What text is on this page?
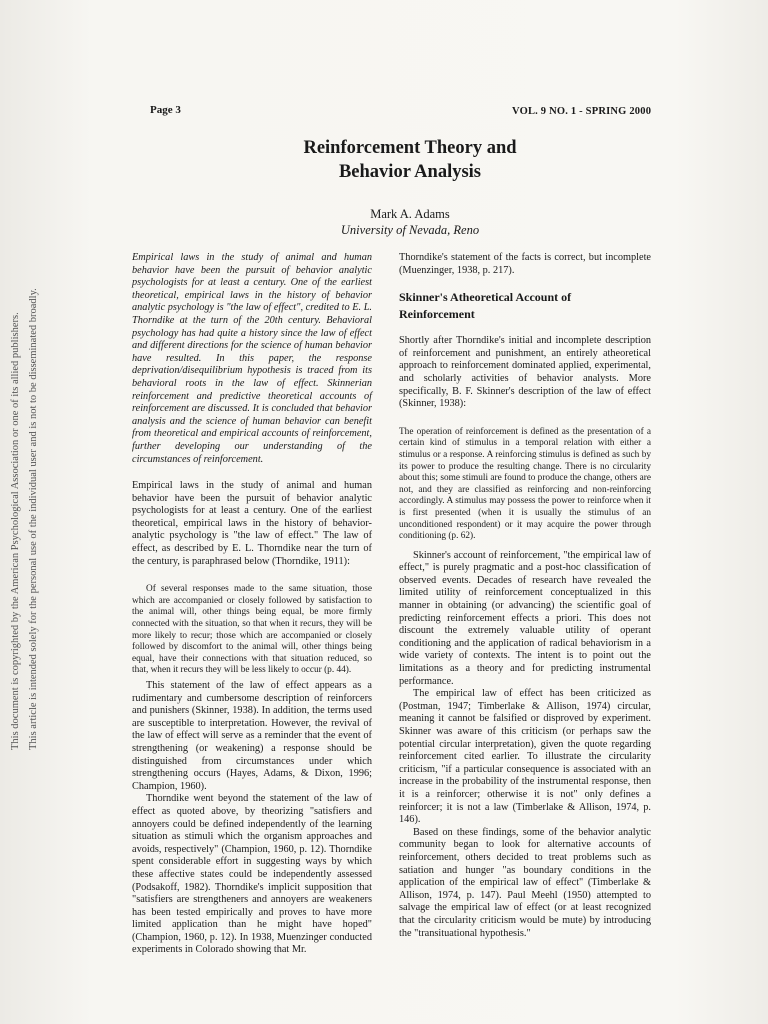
This document is copyrighted by the American Psychological Association or one of its allied publishers. This article is intended solely for the personal use of the individual user and is not to be disseminated broadly.
Page 3	VOL. 9 NO. 1 - SPRING 2000
Reinforcement Theory and
Behavior Analysis
Mark A. Adams
University of Nevada, Reno

Empirical laws in the study of animal and human behavior have been the pursuit of behavior analytic psychologists for at least a century. One of the earliest theoretical, empirical laws in the history of behavior analytic psychology is "the law of effect", credited to E. L. Thorndike at the turn of the 20th century. Behavioral psychology has had quite a history since the law of effect and different directions for the science of human behavior have resulted. In this paper, the response deprivation/disequilibrium hypothesis is traced from its behavioral roots in the law of effect. Skinnerian reinforcement and predictive theoretical accounts of reinforcement are discussed. It is concluded that behavior analysis and the science of human behavior can benefit from theoretical and empirical accounts of reinforcement, further developing our understanding of the circumstances of reinforcement.

Empirical laws in the study of animal and human behavior have been the pursuit of behavior analytic psychologists for at least a century. One of the earliest theoretical, empirical laws in the history of behavior-analytic psychology is "the law of effect." The law of effect, as described by E. L. Thorndike near the turn of the century, is paraphrased below (Thorndike, 1911):

Of several responses made to the same situation, those which are accompanied or closely followed by satisfaction to the animal will, other things being equal, be more firmly connected with the situation, so that when it recurs, they will be more likely to recur; those which are accompanied or closely followed by discomfort to the animal will, other things being equal, have their connections with that situation reduced, so that, when it recurs they will be less likely to occur (p. 44).

This statement of the law of effect appears as a rudimentary and cumbersome description of reinforcers and punishers (Skinner, 1938). In addition, the terms used are susceptible to interpretation. However, the revival of the law of effect will serve as a reminder that the event of strengthening (or weakening) a response should be distinguished from circumstances under which strengthening occurs (Hayes, Adams, & Dixon, 1996; Champion, 1960).

Thorndike went beyond the statement of the law of effect as quoted above, by theorizing "satisfiers and annoyers could be defined independently of the learning situation as stimuli which the organism approaches and avoids, respectively" (Champion, 1960, p. 12). Thorndike spent considerable effort in suggesting ways by which these affective states could be independently assessed (Podsakoff, 1982). Thorndike's implicit supposition that "satisfiers are strengtheners and annoyers are weakeners has been tested empirically and proves to have more limited application than he might have hoped" (Champion, 1960, p. 12). In 1938, Muenzinger conducted experiments in Colorado showing that Mr.

Thorndike's statement of the facts is correct, but incomplete (Muenzinger, 1938, p. 217).

Skinner's Atheoretical Account of
Reinforcement

Shortly after Thorndike's initial and incomplete description of reinforcement and punishment, an entirely atheoretical approach to reinforcement dominated applied, experimental, and scholarly activities of behavior analysts. More specifically, B. F. Skinner's description of the law of effect (Skinner, 1938):

The operation of reinforcement is defined as the presentation of a certain kind of stimulus in a temporal relation with either a stimulus or a response. A reinforcing stimulus is defined as such by its power to produce the resulting change. There is no circularity about this; some stimuli are found to produce the change, others are not, and they are classified as reinforcing and non-reinforcing accordingly. A stimulus may possess the power to reinforce when it is first presented (when it is usually the stimulus of an unconditioned respondent) or it may acquire the power through conditioning (p. 62).

Skinner's account of reinforcement, "the empirical law of effect," is purely pragmatic and a post-hoc classification of observed events. Decades of research have revealed the limited utility of reinforcement conceptualized in this manner in obtaining (or advancing) the scientific goal of predicting reinforcement effects a priori. This does not discount the extremely valuable utility of operant conditioning and the application of radical behaviorism in a wide variety of contexts. The intent is to point out the limitations as a theory and for predicting instrumental performance.

The empirical law of effect has been criticized as (Postman, 1947; Timberlake & Allison, 1974) circular, meaning it cannot be falsified or disproved by experiment. Skinner was aware of this criticism (or perhaps saw the potential circular interpretation), given the quote regarding reinforcement cited earlier. To illustrate the circularity criticism, "if a particular consequence is associated with an increase in the probability of the instrumental response, then it is a reinforcer; otherwise it is not" only defines a reinforcer; it is not a law (Timberlake & Allison, 1974, p. 146).

Based on these findings, some of the behavior analytic community began to look for alternative accounts of reinforcement, others decided to treat problems such as satiation and hunger "as boundary conditions in the application of the empirical law of effect" (Timberlake & Allison, 1974, p. 147). Paul Meehl (1950) attempted to salvage the empirical law of effect (or at least recognized that the circularity criticism would be mute) by introducing the "transituational hypothesis."
